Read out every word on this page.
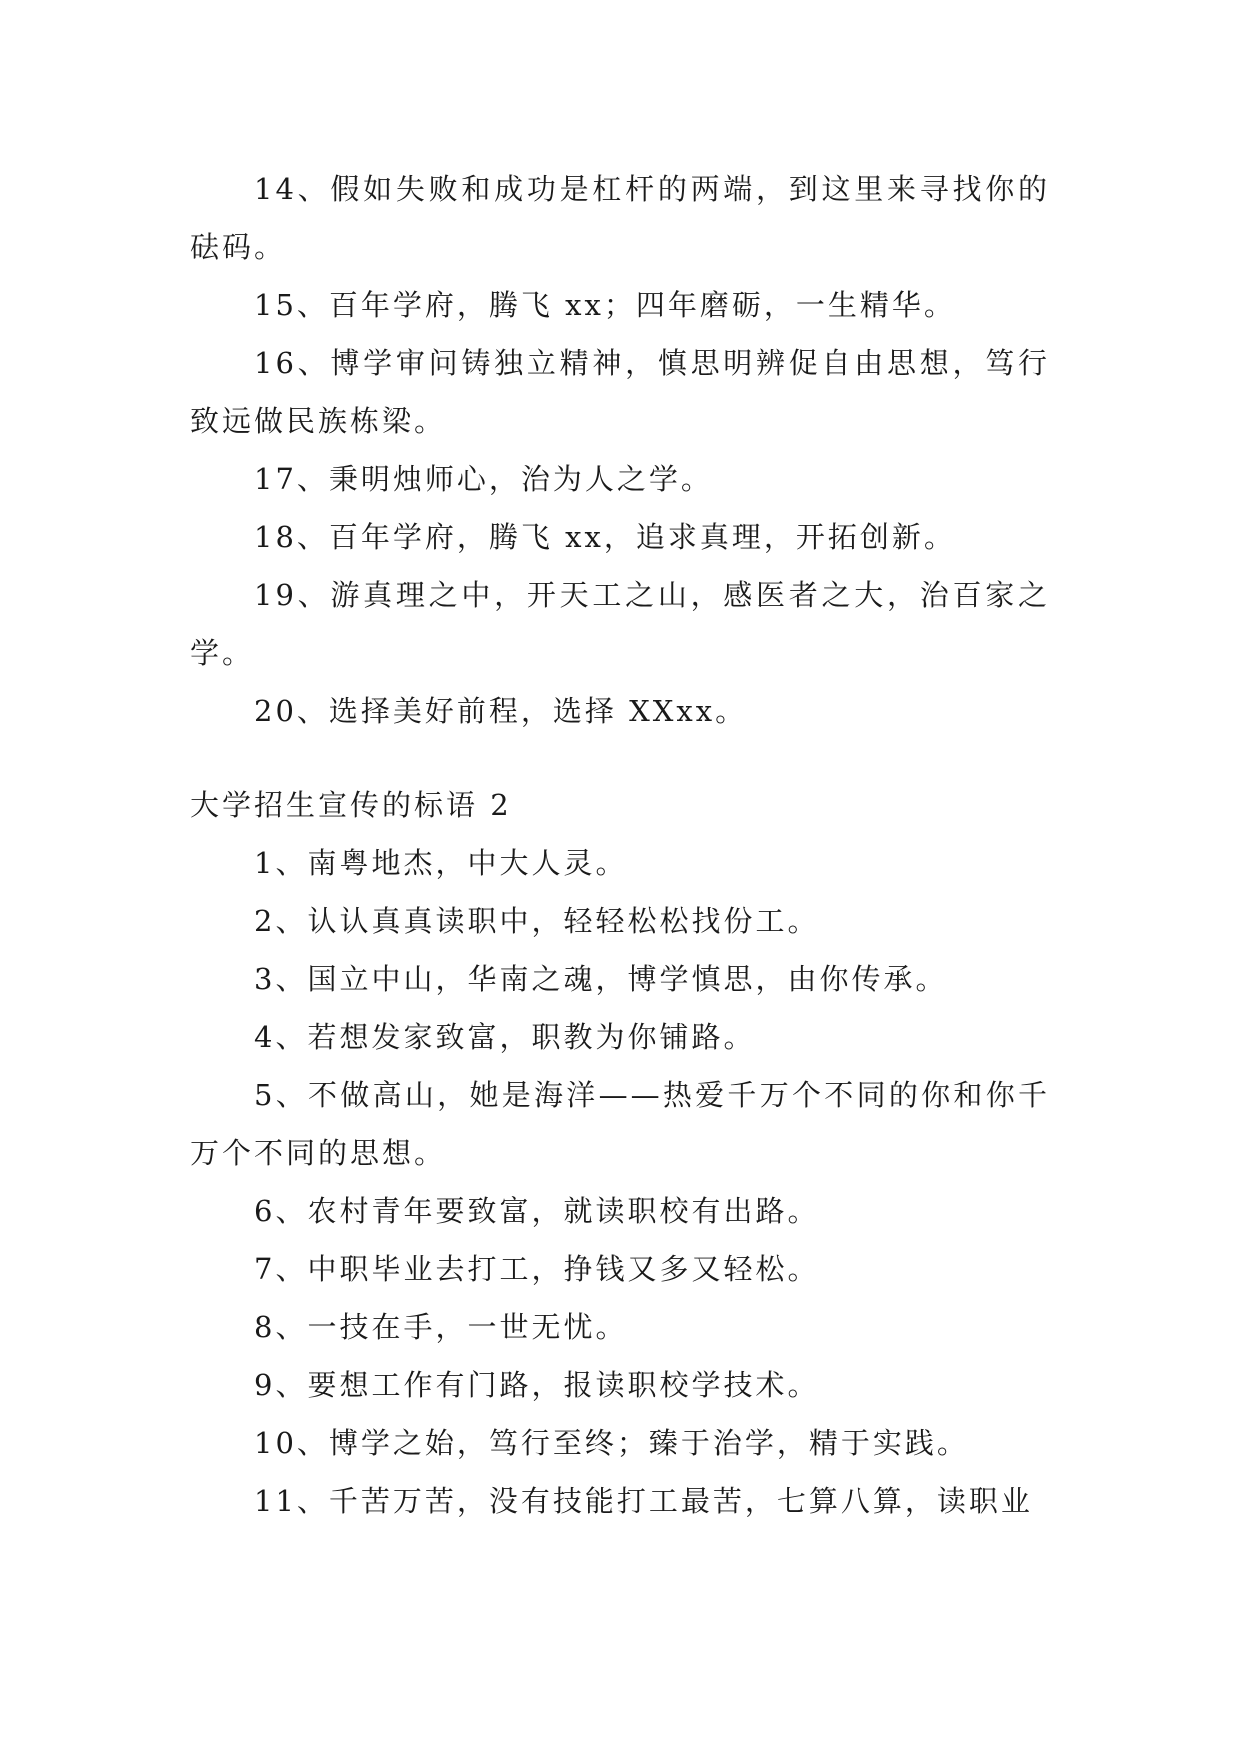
14、假如失败和成功是杠杆的两端，到这里来寻找你的砝码。

15、百年学府，腾飞 xx；四年磨砺，一生精华。

16、博学审问铸独立精神，慎思明辨促自由思想，笃行致远做民族栋梁。

17、秉明烛师心，治为人之学。

18、百年学府，腾飞 xx，追求真理，开拓创新。

19、游真理之中，开天工之山，感医者之大，治百家之学。

20、选择美好前程，选择 XXxx。

大学招生宣传的标语 2

1、南粤地杰，中大人灵。

2、认认真真读职中，轻轻松松找份工。

3、国立中山，华南之魂，博学慎思，由你传承。

4、若想发家致富，职教为你铺路。

5、不做高山，她是海洋——热爱千万个不同的你和你千万个不同的思想。

6、农村青年要致富，就读职校有出路。

7、中职毕业去打工，挣钱又多又轻松。

8、一技在手，一世无忧。

9、要想工作有门路，报读职校学技术。

10、博学之始，笃行至终；臻于治学，精于实践。

11、千苦万苦，没有技能打工最苦，七算八算，读职业
